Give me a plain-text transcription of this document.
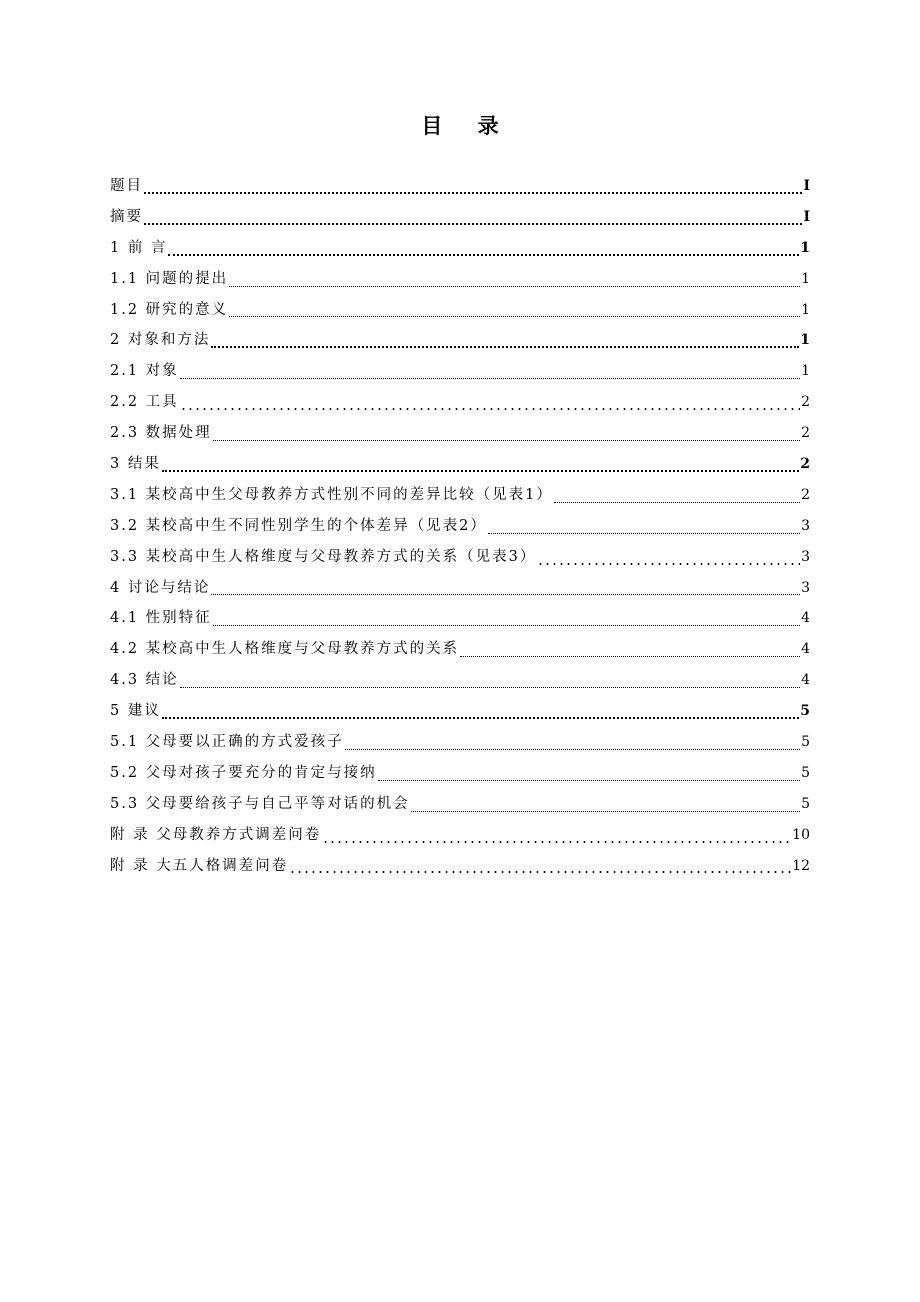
目 录
题目	I
摘要	I
1 前 言	1
1.1 问题的提出	1
1.2 研究的意义	1
2 对象和方法	1
2.1 对象	1
2.2 工具	2
2.3 数据处理	2
3 结果	2
3.1 某校高中生父母教养方式性别不同的差异比较（见表1）	2
3.2 某校高中生不同性别学生的个体差异（见表2）	3
3.3 某校高中生人格维度与父母教养方式的关系（见表3）	3
4 讨论与结论	3
4.1 性别特征	4
4.2 某校高中生人格维度与父母教养方式的关系	4
4.3 结论	4
5 建议	5
5.1 父母要以正确的方式爱孩子	5
5.2 父母对孩子要充分的肯定与接纳	5
5.3 父母要给孩子与自己平等对话的机会	5
附 录 父母教养方式调差问卷	10
附 录 大五人格调差问卷	12
